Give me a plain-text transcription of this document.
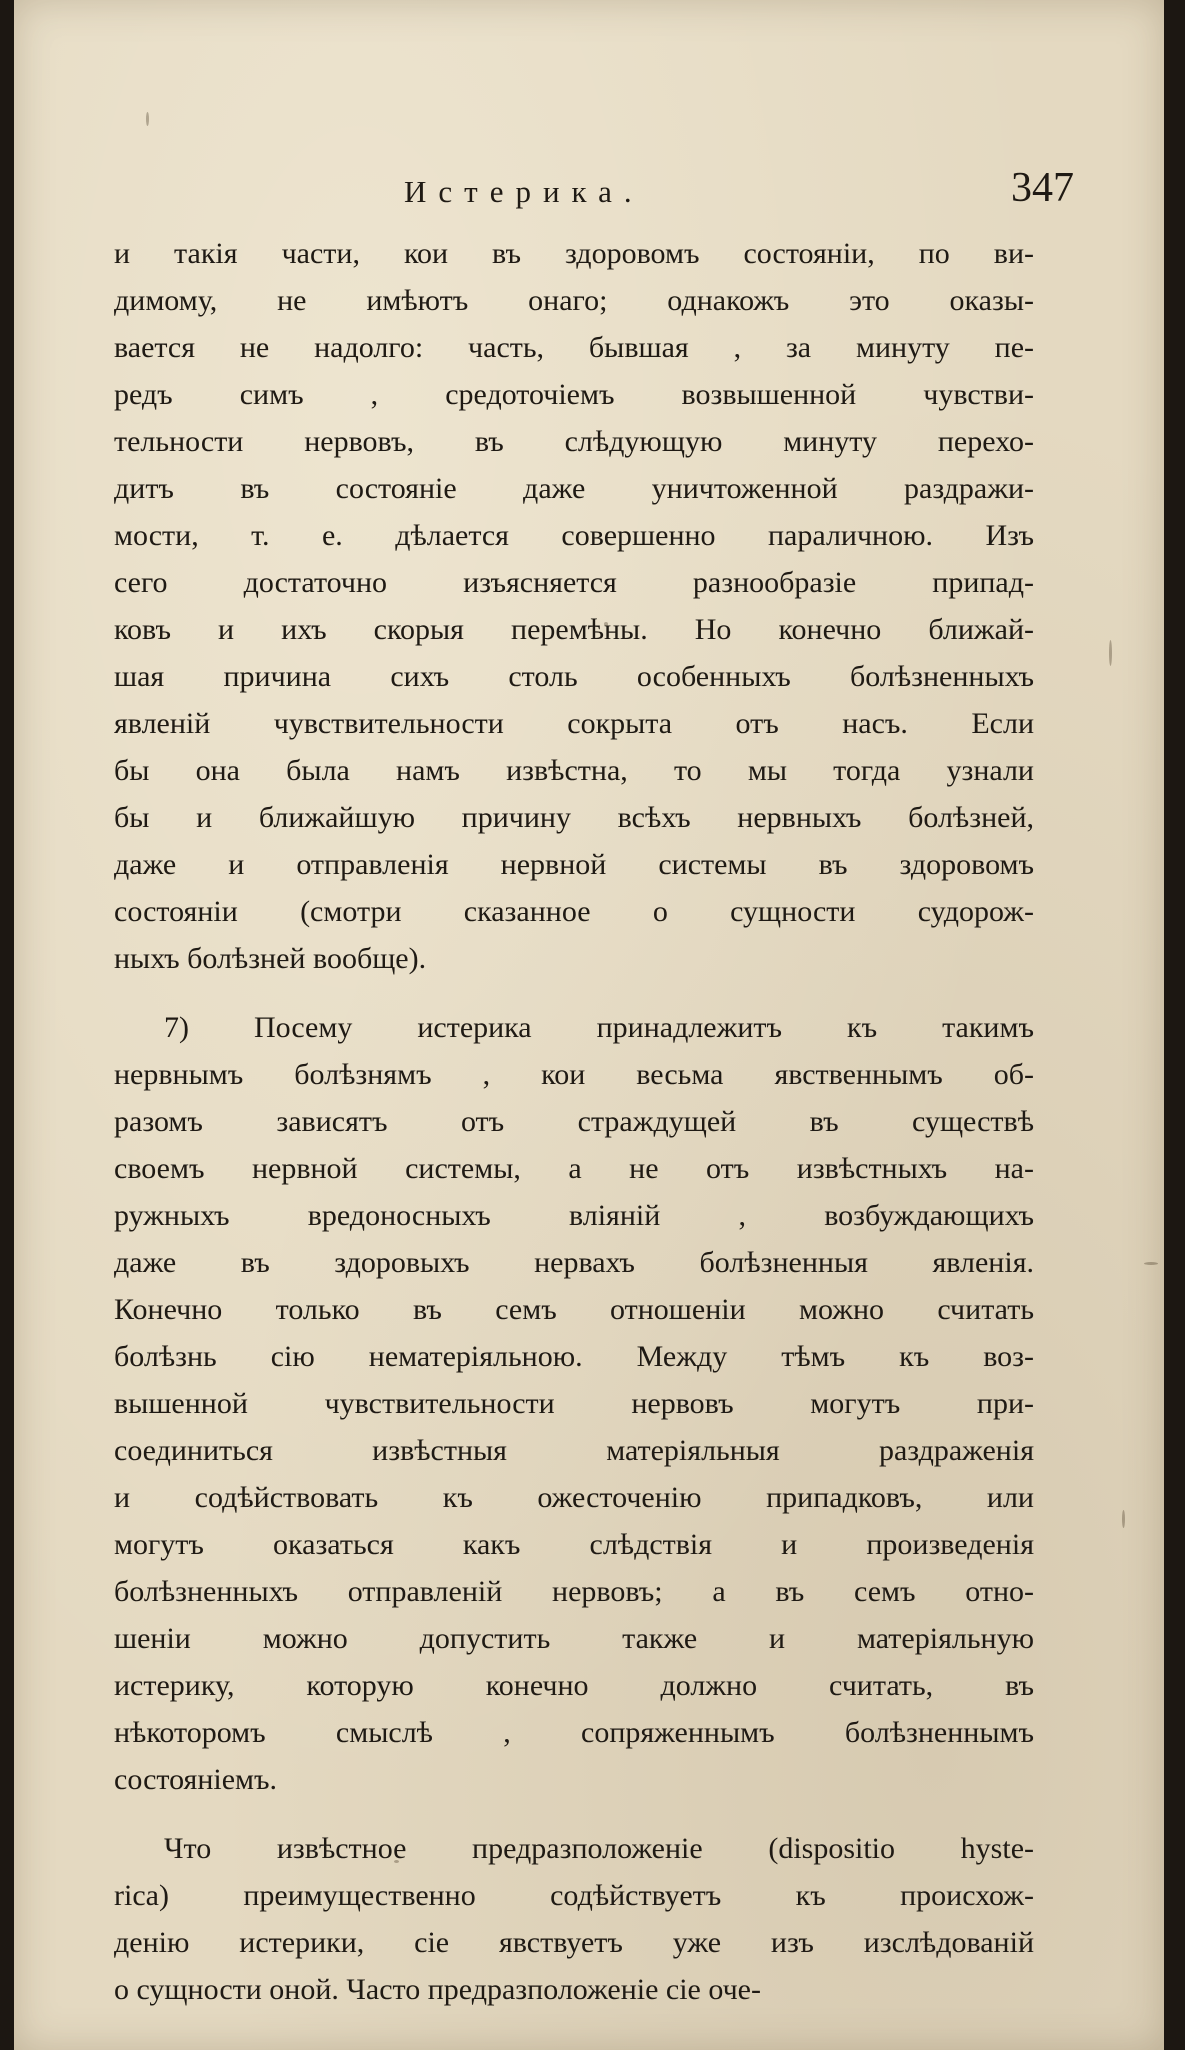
Истерика.	347
и такія части, кои въ здоровомъ состояніи, по ви-
димому, не имѣютъ онаго; однакожъ это оказы-
вается не надолго: часть, бывшая , за минуту пе-
редъ симъ , средоточіемъ возвышенной чувстви-
тельности нервовъ, въ слѣдующую минуту перехо-
дитъ въ состояніе даже уничтоженной раздражи-
мости, т. е. дѣлается совершенно параличною. Изъ
сего достаточно изъясняется разнообразіе припад-
ковъ и ихъ скорыя перемѣны. Но конечно ближай-
шая причина сихъ столь особенныхъ болѣзненныхъ
явленій чувствительности сокрыта отъ насъ. Если
бы она была намъ извѣстна, то мы тогда узнали
бы и ближайшую причину всѣхъ нервныхъ болѣзней,
даже и отправленія нервной системы въ здоровомъ
состояніи (смотри сказанное о сущности судорож-
ныхъ болѣзней вообще).
7) Посему истерика принадлежитъ къ такимъ
нервнымъ болѣзнямъ , кои весьма явственнымъ об-
разомъ зависятъ отъ страждущей въ существѣ
своемъ нервной системы, а не отъ извѣстныхъ на-
ружныхъ вредоносныхъ вліяній , возбуждающихъ
даже въ здоровыхъ нервахъ болѣзненныя явленія.
Конечно только въ семъ отношеніи можно считать
болѣзнь сію нематеріяльною. Между тѣмъ къ воз-
вышенной чувствительности нервовъ могутъ при-
соединиться извѣстныя матеріяльныя раздраженія
и содѣйствовать къ ожесточенію припадковъ, или
могутъ оказаться какъ слѣдствія и произведенія
болѣзненныхъ отправленій нервовъ; а въ семъ отно-
шеніи можно допустить также и матеріяльную
истерику, которую конечно должно считать, въ
нѣкоторомъ смыслѣ , сопряженнымъ болѣзненнымъ
состояніемъ.
Что извѣстное предразположеніе (dispositio hyste-
rica) преимущественно содѣйствуетъ къ происхож-
денію истерики, сіе явствуетъ уже изъ изслѣдованій
о сущности оной. Часто предразположеніе сіе оче-
